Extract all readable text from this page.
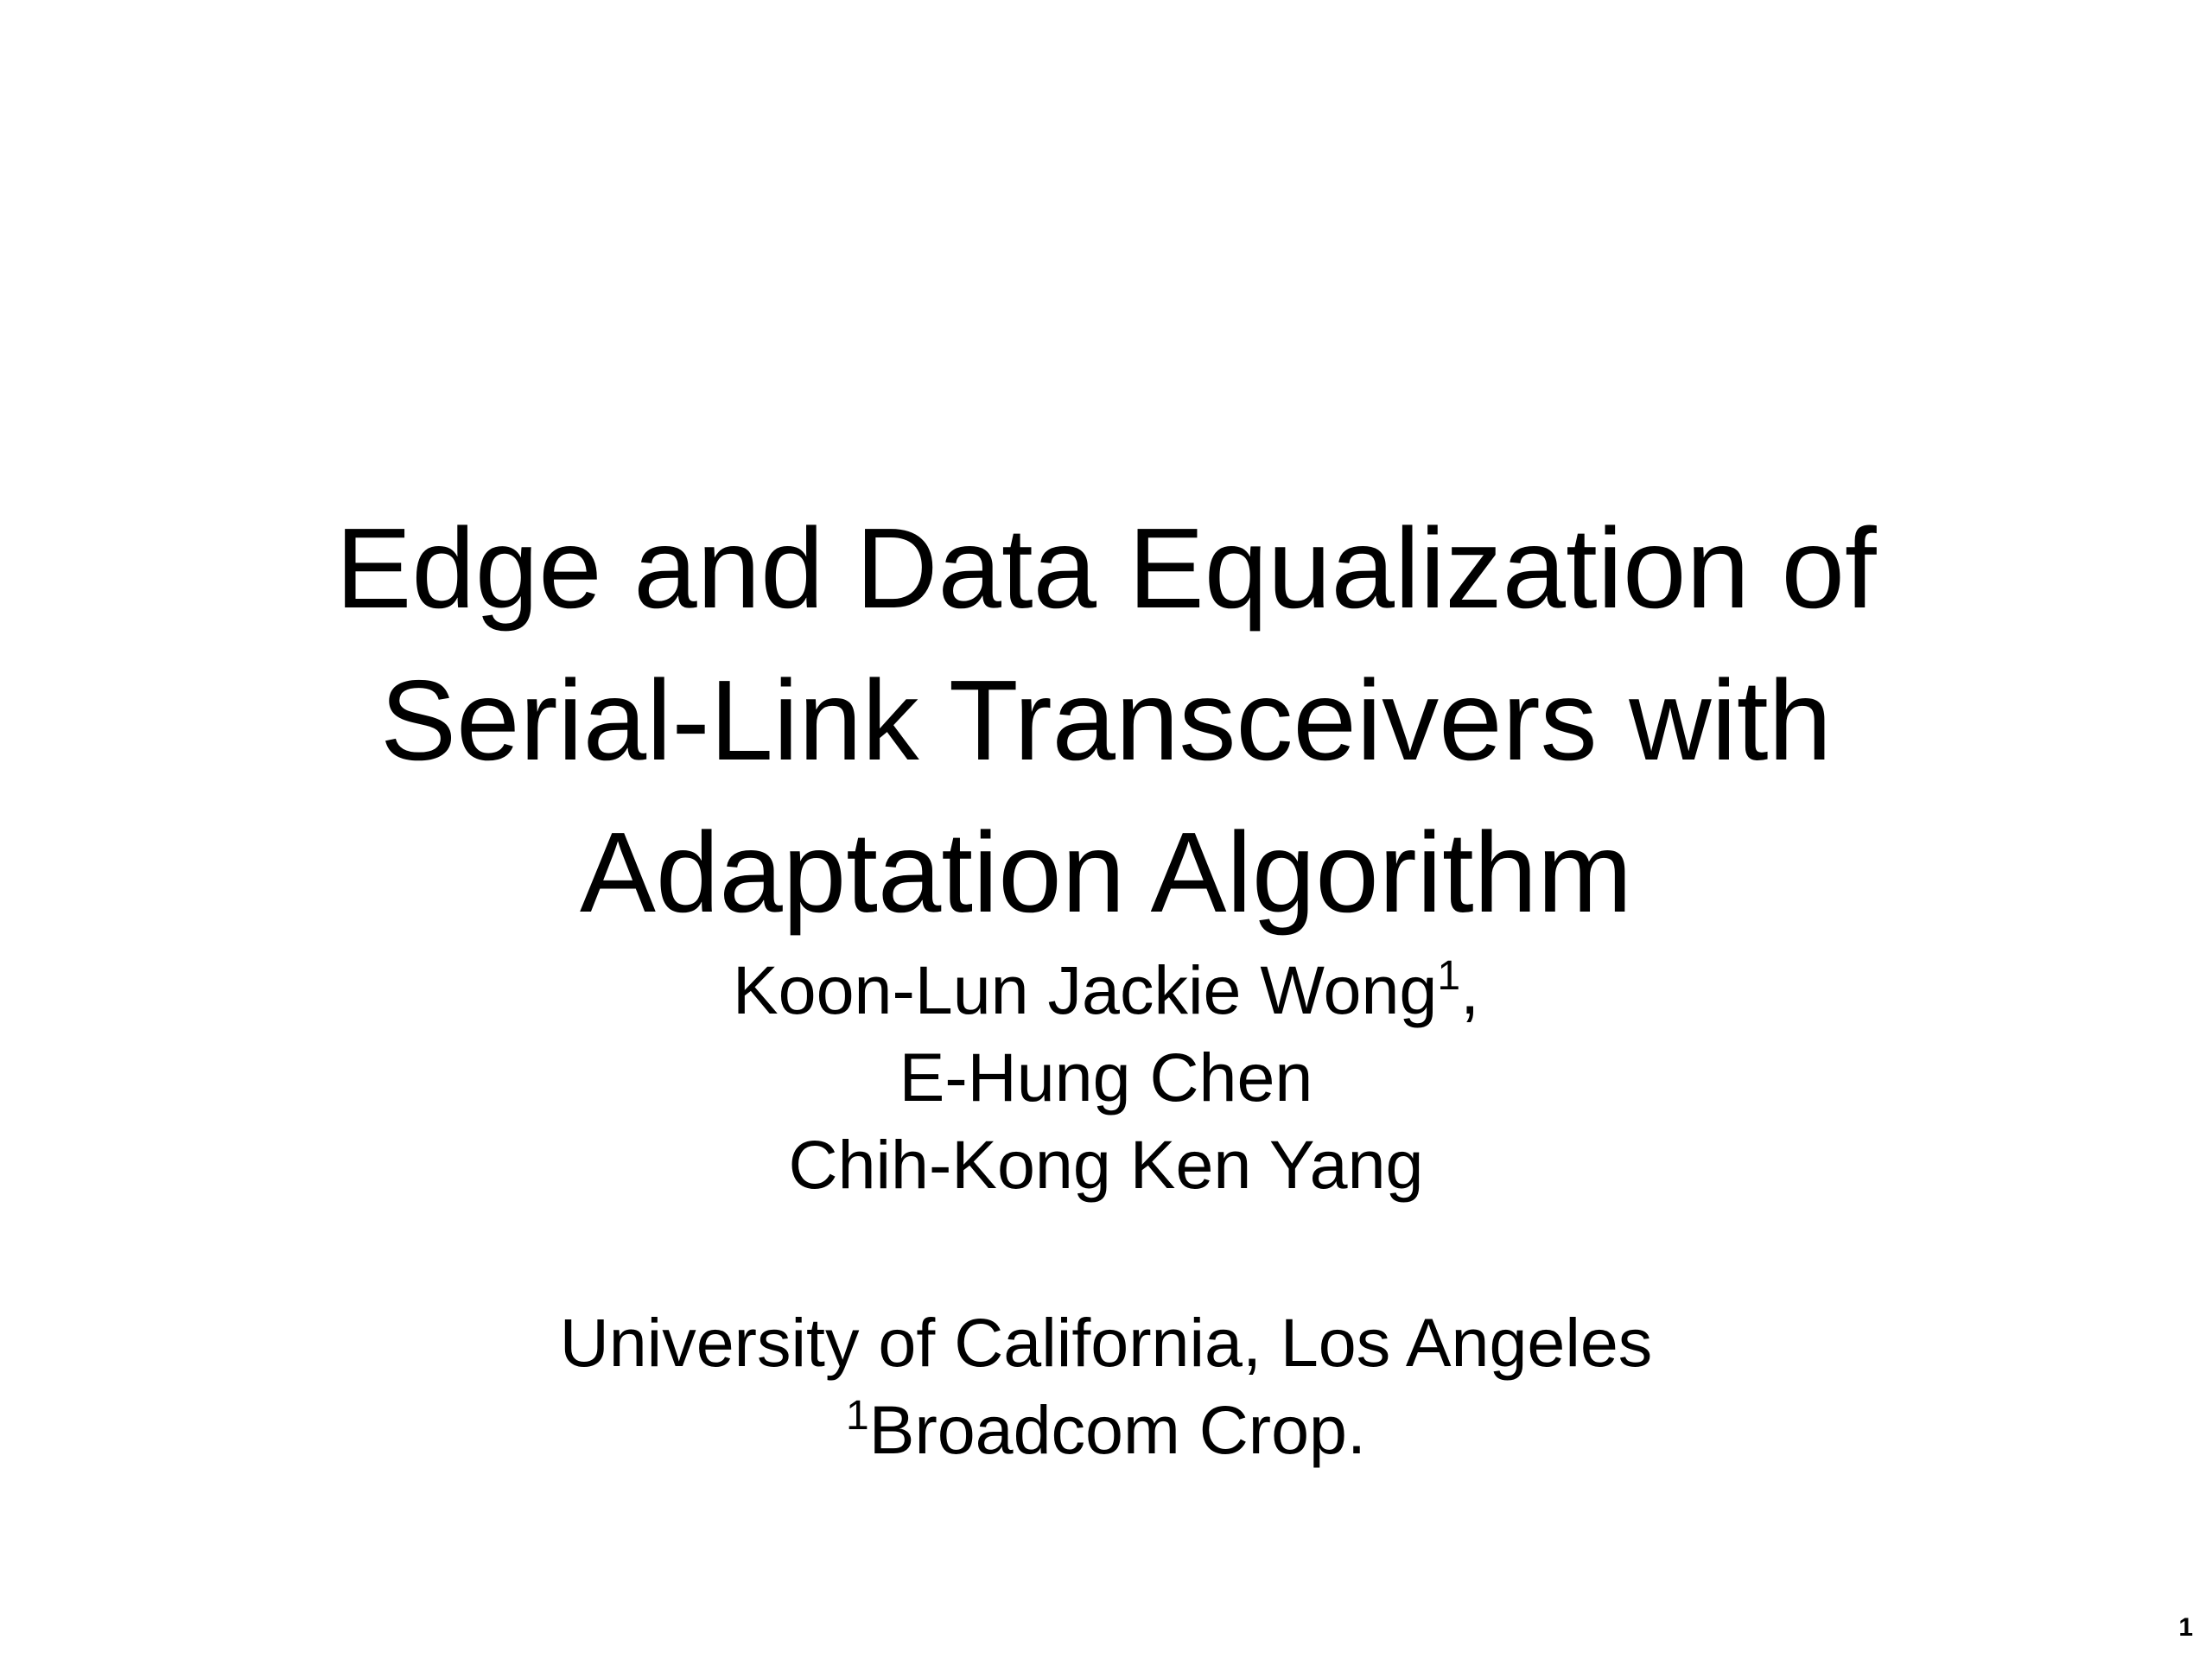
Edge and Data Equalization of
Serial-Link Transceivers with
Adaptation Algorithm
Koon-Lun Jackie Wong$^1$,
E-Hung Chen
Chih-Kong Ken Yang
University of California, Los Angeles
$^1$Broadcom Crop.
1
